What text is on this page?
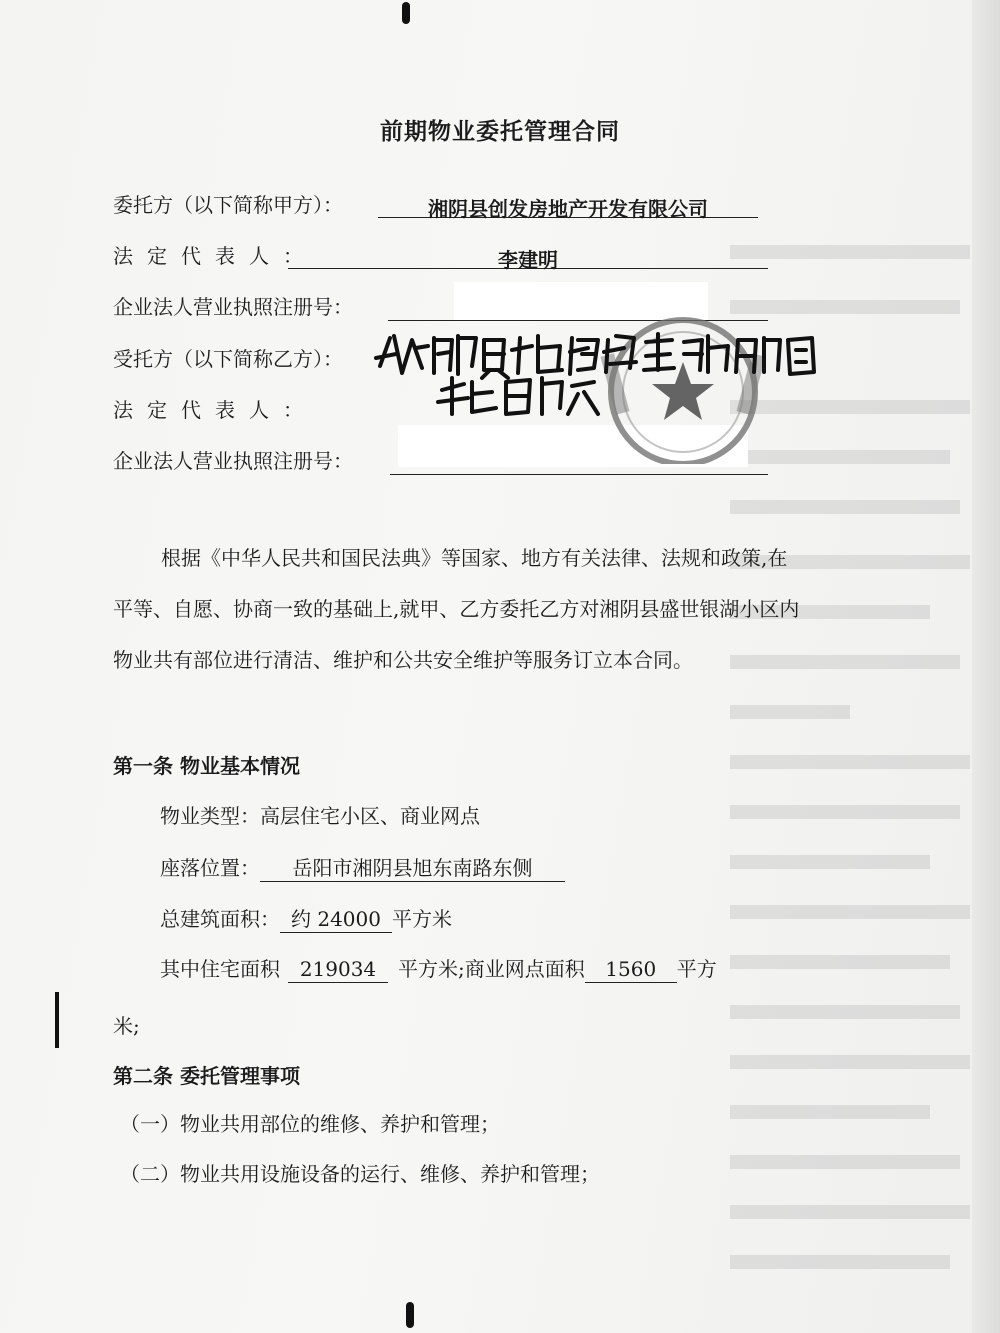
前期物业委托管理合同
委托方（以下简称甲方）：	湘阴县创发房地产开发有限公司
法定代表人：	李建明
企业法人营业执照注册号：
受托方（以下简称乙方）：
法定代表人：
企业法人营业执照注册号：
根据《中华人民共和国民法典》等国家、地方有关法律、法规和政策,在平等、自愿、协商一致的基础上,就甲、乙方委托乙方对湘阴县盛世银湖小区内物业共有部位进行清洁、维护和公共安全维护等服务订立本合同。
第一条 物业基本情况
物业类型：高层住宅小区、商业网点
座落位置： 岳阳市湘阴县旭东南路东侧
总建筑面积： 约 24000 平方米
其中住宅面积 219034 平方米;商业网点面积 1560 平方
米;
第二条 委托管理事项
（一）物业共用部位的维修、养护和管理；
（二）物业共用设施设备的运行、维修、养护和管理；
